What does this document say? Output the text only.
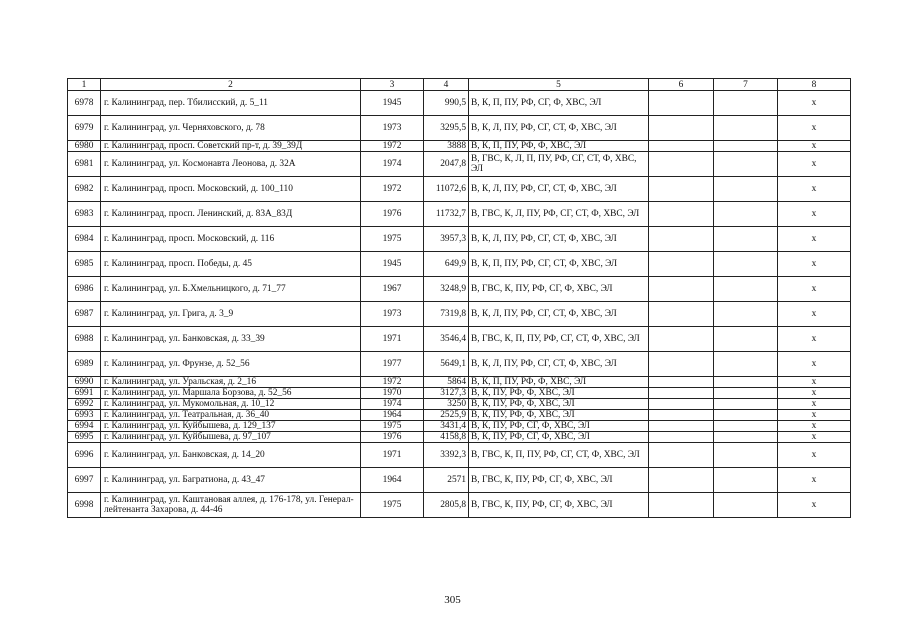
1	2	3	4	5	6	7	8
6978	г. Калининград, пер. Тбилисский, д. 5_11	1945	990,5	В, К, П, ПУ, РФ, СГ, Ф, ХВС, ЭЛ			x
6979	г. Калининград, ул. Черняховского, д. 78	1973	3295,5	В, К, Л, ПУ, РФ, СГ, СТ, Ф, ХВС, ЭЛ			x
6980	г. Калининград, просп. Советский пр-т, д. 39_39Д	1972	3888	В, К, П, ПУ, РФ, Ф, ХВС, ЭЛ			x
6981	г. Калининград, ул. Космонавта Леонова, д. 32А	1974	2047,8	В, ГВС, К, Л, П, ПУ, РФ, СГ, СТ, Ф, ХВС, ЭЛ			x
6982	г. Калининград, просп. Московский, д. 100_110	1972	11072,6	В, К, Л, ПУ, РФ, СГ, СТ, Ф, ХВС, ЭЛ			x
6983	г. Калининград, просп. Ленинский, д. 83А_83Д	1976	11732,7	В, ГВС, К, Л, ПУ, РФ, СГ, СТ, Ф, ХВС, ЭЛ			x
6984	г. Калининград, просп. Московский, д. 116	1975	3957,3	В, К, Л, ПУ, РФ, СГ, СТ, Ф, ХВС, ЭЛ			x
6985	г. Калининград, просп. Победы, д. 45	1945	649,9	В, К, П, ПУ, РФ, СГ, СТ, Ф, ХВС, ЭЛ			x
6986	г. Калининград, ул. Б.Хмельницкого, д. 71_77	1967	3248,9	В, ГВС, К, ПУ, РФ, СГ, Ф, ХВС, ЭЛ			x
6987	г. Калининград, ул. Грига, д. 3_9	1973	7319,8	В, К, Л, ПУ, РФ, СГ, СТ, Ф, ХВС, ЭЛ			x
6988	г. Калининград, ул. Банковская, д. 33_39	1971	3546,4	В, ГВС, К, П, ПУ, РФ, СГ, СТ, Ф, ХВС, ЭЛ			x
6989	г. Калининград, ул. Фрунзе, д. 52_56	1977	5649,1	В, К, Л, ПУ, РФ, СГ, СТ, Ф, ХВС, ЭЛ			x
6990	г. Калининград, ул. Уральская, д. 2_16	1972	5864	В, К, П, ПУ, РФ, Ф, ХВС, ЭЛ			x
6991	г. Калининград, ул. Маршала Борзова, д. 52_56	1970	3127,3	В, К, ПУ, РФ, Ф, ХВС, ЭЛ			x
6992	г. Калининград, ул. Мукомольная, д. 10_12	1974	3250	В, К, ПУ, РФ, Ф, ХВС, ЭЛ			x
6993	г. Калининград, ул. Театральная, д. 36_40	1964	2525,9	В, К, ПУ, РФ, Ф, ХВС, ЭЛ			x
6994	г. Калининград, ул. Куйбышева, д. 129_137	1975	3431,4	В, К, ПУ, РФ, СГ, Ф, ХВС, ЭЛ			x
6995	г. Калининград, ул. Куйбышева, д. 97_107	1976	4158,8	В, К, ПУ, РФ, СГ, Ф, ХВС, ЭЛ			x
6996	г. Калининград, ул. Банковская, д. 14_20	1971	3392,3	В, ГВС, К, П, ПУ, РФ, СГ, СТ, Ф, ХВС, ЭЛ			x
6997	г. Калининград, ул. Багратиона, д. 43_47	1964	2571	В, ГВС, К, ПУ, РФ, СГ, Ф, ХВС, ЭЛ			x
6998	г. Калининград, ул. Каштановая аллея, д. 176-178, ул. Генерал-лейтенанта Захарова, д. 44-46	1975	2805,8	В, ГВС, К, ПУ, РФ, СГ, Ф, ХВС, ЭЛ			x
305
